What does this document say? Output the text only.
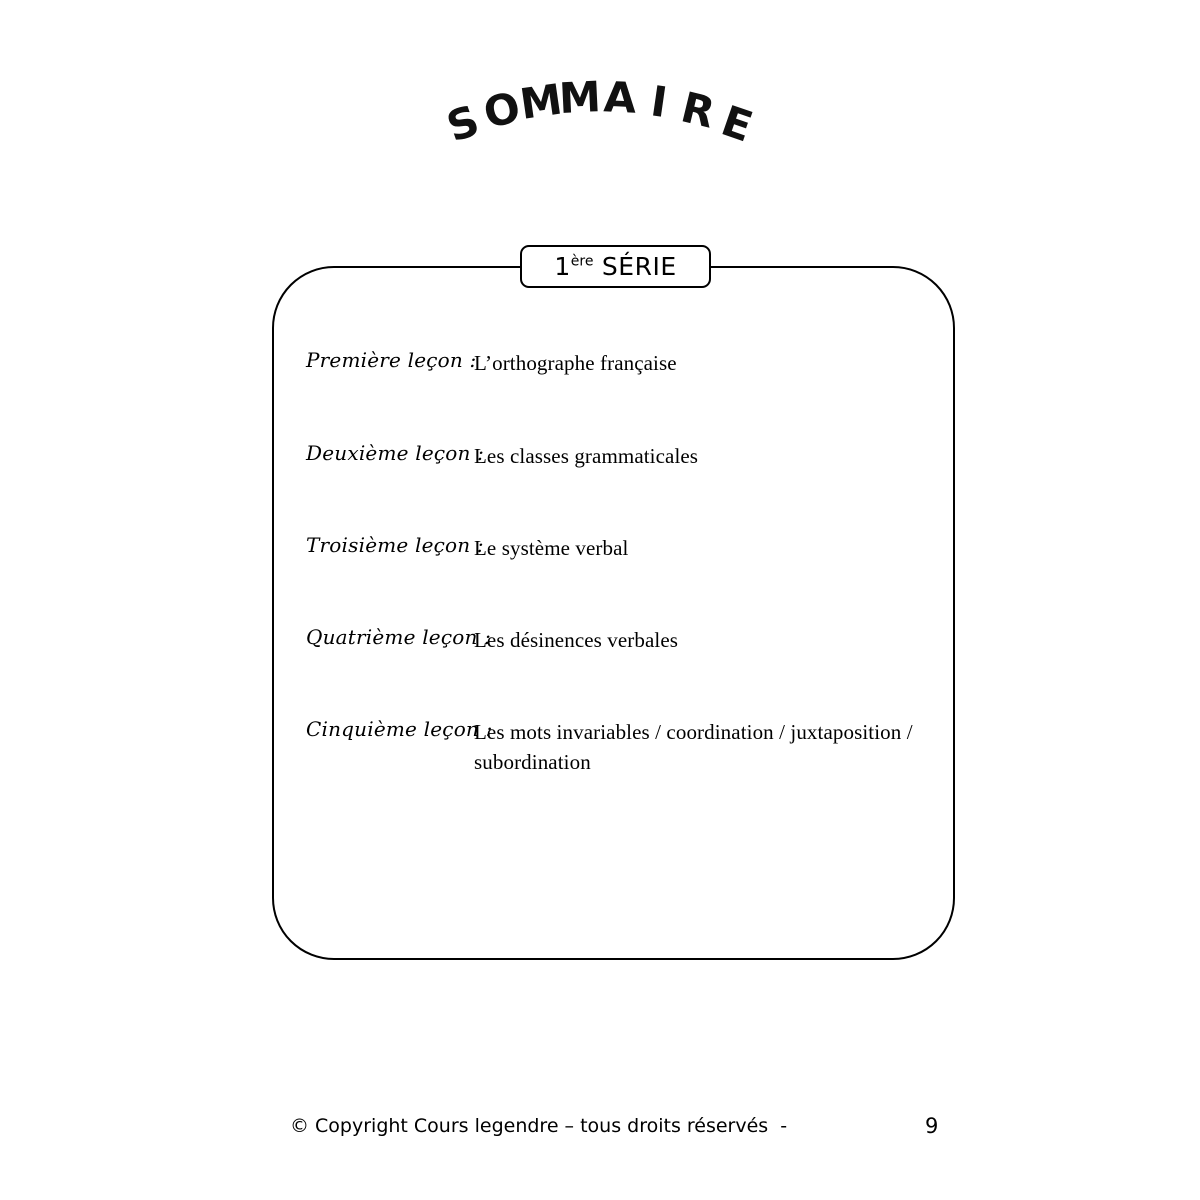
S
O
M
M A I R
E
1ère SÉRIE
Première leçon :
L’orthographe française
Deuxième leçon :
Les classes grammaticales
Troisième leçon :
Le système verbal
Quatrième leçon :
Les désinences verbales
Cinquième leçon :
Les mots invariables / coordination / juxtaposition / subordination
© Copyright Cours legendre – tous droits réservés  -	9
